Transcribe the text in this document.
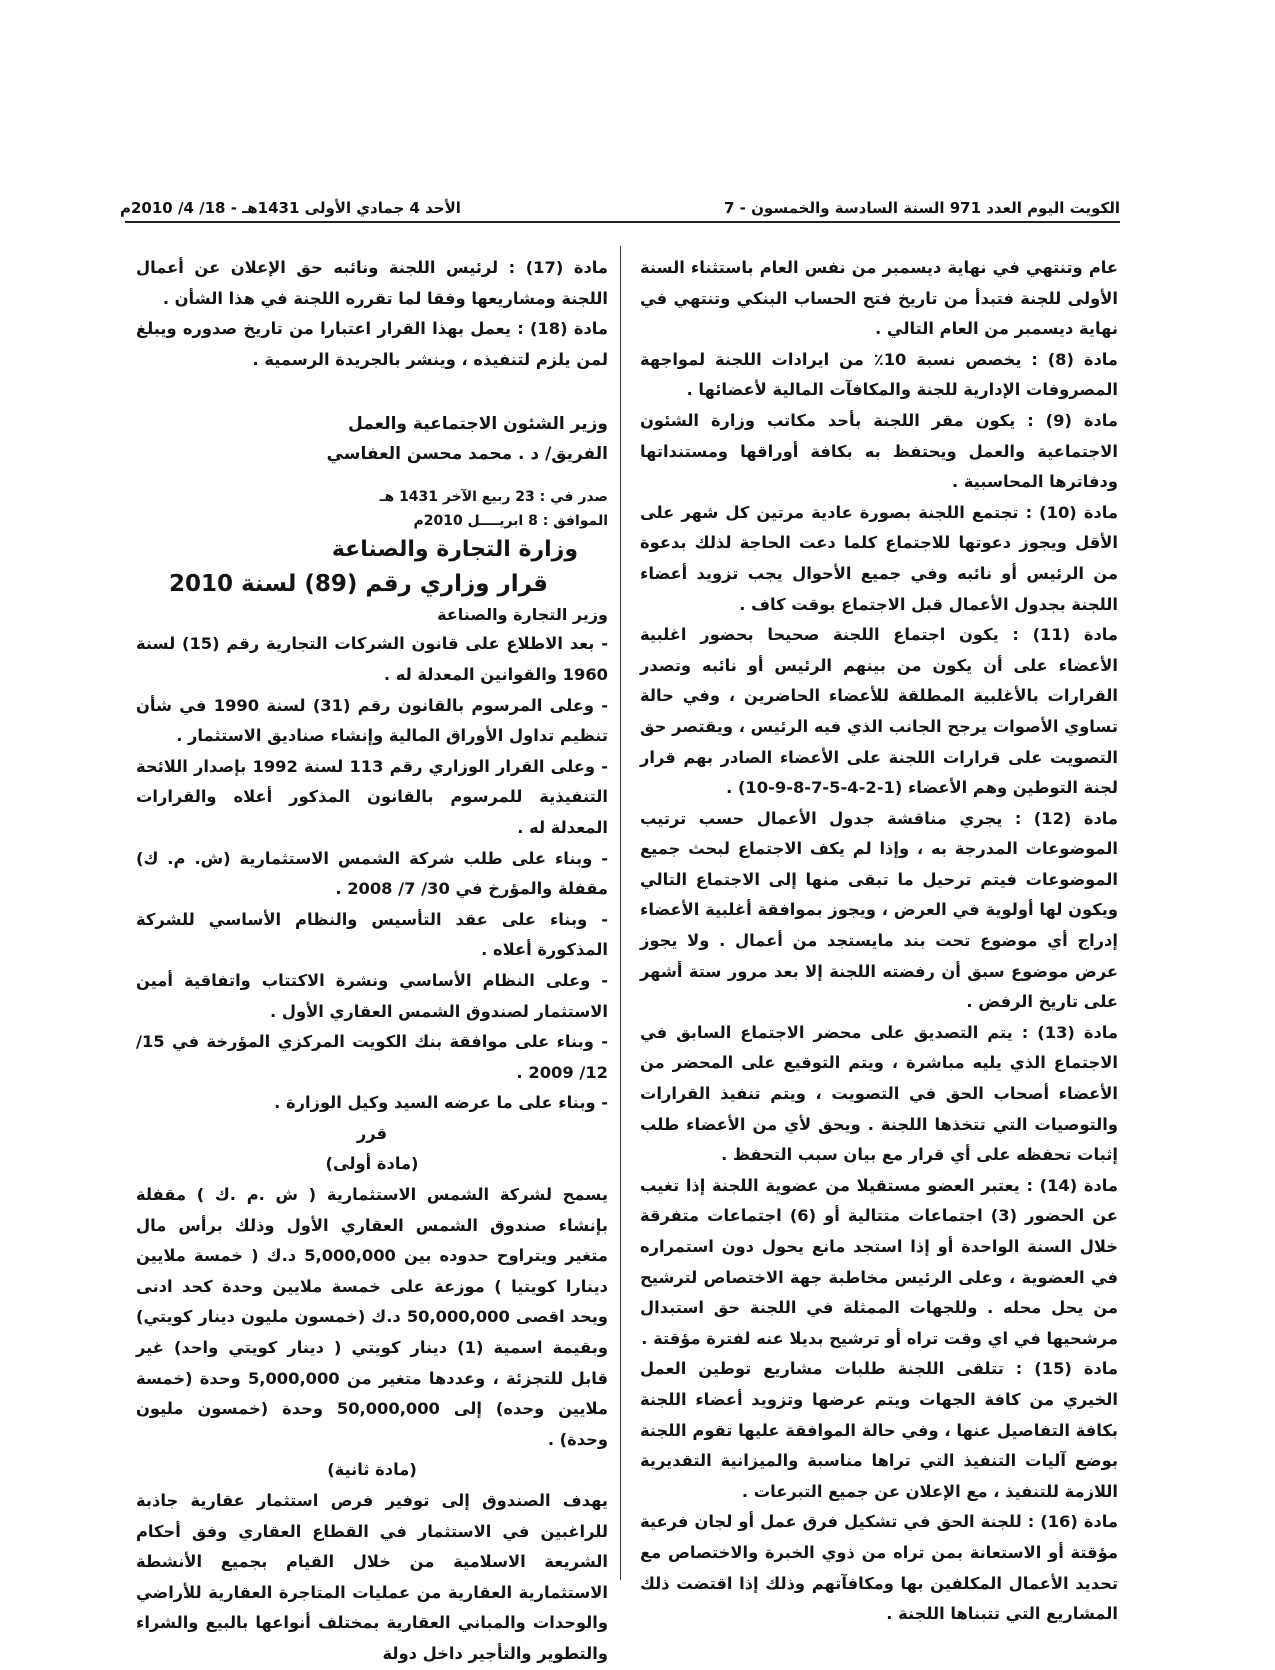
الكويت اليوم العدد 971 السنة السادسة والخمسون - 7
الأحد 4 جمادي الأولى 1431هـ - 18/ 4/ 2010م

عام وتنتهي في نهاية ديسمبر من نفس العام باستثناء السنة الأولى للجنة فتبدأ من تاريخ فتح الحساب البنكي وتنتهي في نهاية ديسمبر من العام التالي .

مادة (8) : يخصص نسبة 10٪ من ايرادات اللجنة لمواجهة المصروفات الإدارية للجنة والمكافآت المالية لأعضائها .

مادة (9) : يكون مقر اللجنة بأحد مكاتب وزارة الشئون الاجتماعية والعمل ويحتفظ به بكافة أوراقها ومستنداتها ودفاترها المحاسبية .

مادة (10) : تجتمع اللجنة بصورة عادية مرتين كل شهر على الأقل ويجوز دعوتها للاجتماع كلما دعت الحاجة لذلك بدعوة من الرئيس أو نائبه وفي جميع الأحوال يجب تزويد أعضاء اللجنة بجدول الأعمال قبل الاجتماع بوقت كاف .

مادة (11) : يكون اجتماع اللجنة صحيحا بحضور اغلبية الأعضاء على أن يكون من بينهم الرئيس أو نائبه وتصدر القرارات بالأغلبية المطلقة للأعضاء الحاضرين ، وفي حالة تساوي الأصوات يرجح الجانب الذي فيه الرئيس ، ويقتصر حق التصويت على قرارات اللجنة على الأعضاء الصادر بهم قرار لجنة التوطين وهم الأعضاء (1-2-4-5-7-8-9-10) .

مادة (12) : يجري مناقشة جدول الأعمال حسب ترتيب الموضوعات المدرجة به ، وإذا لم يكف الاجتماع لبحث جميع الموضوعات فيتم ترحيل ما تبقى منها إلى الاجتماع التالي ويكون لها أولوية في العرض ، ويجوز بموافقة أغلبية الأعضاء إدراج أي موضوع تحت بند مايستجد من أعمال . ولا يجوز عرض موضوع سبق أن رفضته اللجنة إلا بعد مرور ستة أشهر على تاريخ الرفض .

مادة (13) : يتم التصديق على محضر الاجتماع السابق في الاجتماع الذي يليه مباشرة ، ويتم التوقيع على المحضر من الأعضاء أصحاب الحق في التصويت ، ويتم تنفيذ القرارات والتوصيات التي تتخذها اللجنة . ويحق لأي من الأعضاء طلب إثبات تحفظه على أي قرار مع بيان سبب التحفظ .

مادة (14) : يعتبر العضو مستقيلا من عضوية اللجنة إذا تغيب عن الحضور (3) اجتماعات متتالية أو (6) اجتماعات متفرقة خلال السنة الواحدة أو إذا استجد مانع يحول دون استمراره في العضوية ، وعلى الرئيس مخاطبة جهة الاختصاص لترشيح من يحل محله . وللجهات الممثلة في اللجنة حق استبدال مرشحيها في اي وقت تراه أو ترشيح بديلا عنه لفترة مؤقتة .

مادة (15) : تتلقى اللجنة طلبات مشاريع توطين العمل الخيري من كافة الجهات ويتم عرضها وتزويد أعضاء اللجنة بكافة التفاصيل عنها ، وفي حالة الموافقة عليها تقوم اللجنة بوضع آليات التنفيذ التي تراها مناسبة والميزانية التقديرية اللازمة للتنفيذ ، مع الإعلان عن جميع التبرعات .

مادة (16) : للجنة الحق في تشكيل فرق عمل أو لجان فرعية مؤقتة أو الاستعانة بمن تراه من ذوي الخبرة والاختصاص مع تحديد الأعمال المكلفين بها ومكافآتهم وذلك إذا اقتضت ذلك المشاريع التي تتبناها اللجنة .

مادة (17) : لرئيس اللجنة ونائبه حق الإعلان عن أعمال اللجنة ومشاريعها وفقا لما تقرره اللجنة في هذا الشأن .

مادة (18) : يعمل بهذا القرار اعتبارا من تاريخ صدوره ويبلغ لمن يلزم لتنفيذه ، وينشر بالجريدة الرسمية .

وزير الشئون الاجتماعية والعمل

الفريق/ د . محمد محسن العفاسي

صدر في : 23 ربيع الآخر 1431 هـ

الموافق : 8 ابريــــل 2010م

وزارة التجارة والصناعة

قرار وزاري رقم (89) لسنة 2010

وزير التجارة والصناعة

- بعد الاطلاع على قانون الشركات التجارية رقم (15) لسنة 1960 والقوانين المعدلة له .

- وعلى المرسوم بالقانون رقم (31) لسنة 1990 في شأن تنظيم تداول الأوراق المالية وإنشاء صناديق الاستثمار .

- وعلى القرار الوزاري رقم 113 لسنة 1992 بإصدار اللائحة التنفيذية للمرسوم بالقانون المذكور أعلاه والقرارات المعدلة له .

- وبناء على طلب شركة الشمس الاستثمارية (ش. م. ك) مقفلة والمؤرخ في 30/ 7/ 2008 .

- وبناء على عقد التأسيس والنظام الأساسي للشركة المذكورة أعلاه .

- وعلى النظام الأساسي ونشرة الاكتتاب واتفاقية أمين الاستثمار لصندوق الشمس العقاري الأول .

- وبناء على موافقة بنك الكويت المركزي المؤرخة في 15/ 12/ 2009 .

- وبناء على ما عرضه السيد وكيل الوزارة .

قرر

(مادة أولى)

يسمح لشركة الشمس الاستثمارية ( ش .م .ك ) مقفلة بإنشاء صندوق الشمس العقاري الأول وذلك برأس مال متغير ويتراوح حدوده بين 5,000,000 د.ك ( خمسة ملايين دينارا كويتيا ) موزعة على خمسة ملايين وحدة كحد ادنى ويحد اقصى 50,000,000 د.ك (خمسون مليون دينار كويتي) وبقيمة اسمية (1) دينار كويتي ( دينار كويتي واحد) غير قابل للتجزئة ، وعددها متغير من 5,000,000 وحدة (خمسة ملايين وحده) إلى 50,000,000 وحدة (خمسون مليون وحدة) .

(مادة ثانية)

يهدف الصندوق إلى توفير فرص استثمار عقارية جاذبة للراغبين في الاستثمار في القطاع العقاري وفق أحكام الشريعة الاسلامية من خلال القيام بجميع الأنشطة الاستثمارية العقارية من عمليات المتاجرة العقارية للأراضي والوحدات والمباني العقارية بمختلف أنواعها بالبيع والشراء والتطوير والتأجير داخل دولة
